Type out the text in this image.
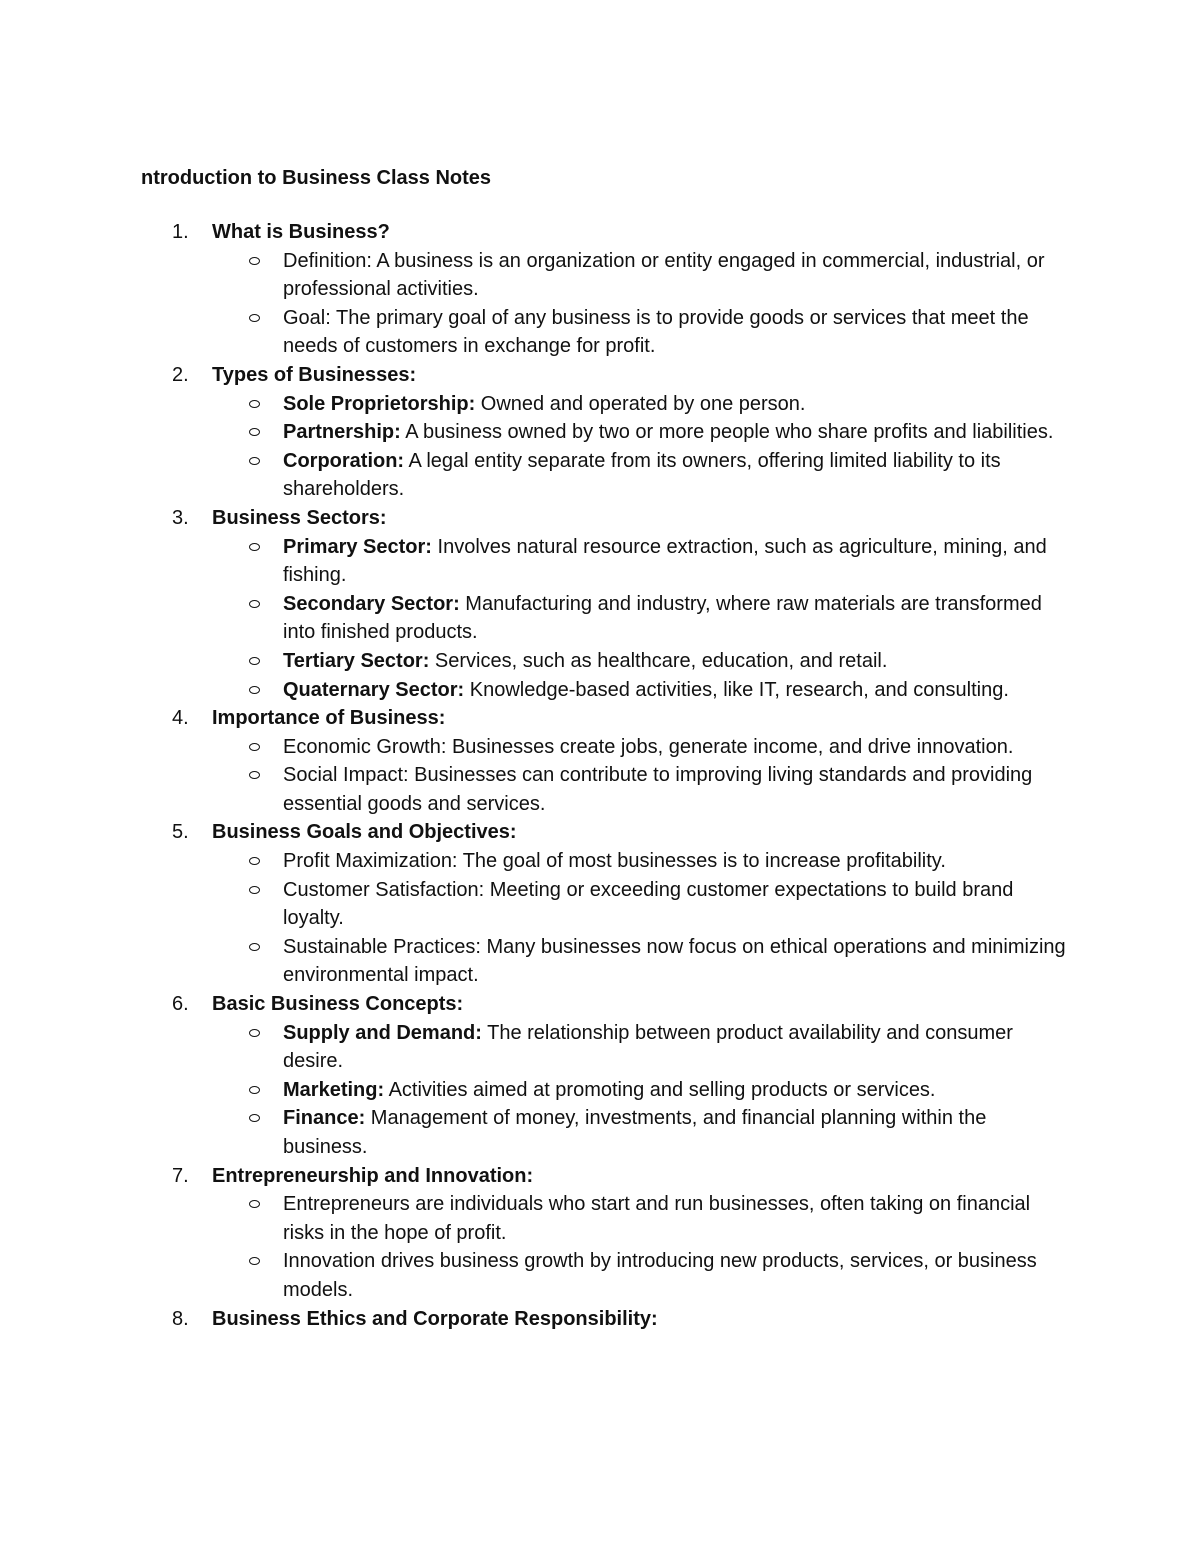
ntroduction to Business Class Notes
1.	What is Business?
Definition: A business is an organization or entity engaged in commercial, industrial, or professional activities.
Goal: The primary goal of any business is to provide goods or services that meet the needs of customers in exchange for profit.
2.	Types of Businesses:
Sole Proprietorship: Owned and operated by one person.
Partnership: A business owned by two or more people who share profits and liabilities.
Corporation: A legal entity separate from its owners, offering limited liability to its shareholders.
3.	Business Sectors:
Primary Sector: Involves natural resource extraction, such as agriculture, mining, and fishing.
Secondary Sector: Manufacturing and industry, where raw materials are transformed into finished products.
Tertiary Sector: Services, such as healthcare, education, and retail.
Quaternary Sector: Knowledge-based activities, like IT, research, and consulting.
4.	Importance of Business:
Economic Growth: Businesses create jobs, generate income, and drive innovation.
Social Impact: Businesses can contribute to improving living standards and providing essential goods and services.
5.	Business Goals and Objectives:
Profit Maximization: The goal of most businesses is to increase profitability.
Customer Satisfaction: Meeting or exceeding customer expectations to build brand loyalty.
Sustainable Practices: Many businesses now focus on ethical operations and minimizing environmental impact.
6.	Basic Business Concepts:
Supply and Demand: The relationship between product availability and consumer desire.
Marketing: Activities aimed at promoting and selling products or services.
Finance: Management of money, investments, and financial planning within the business.
7.	Entrepreneurship and Innovation:
Entrepreneurs are individuals who start and run businesses, often taking on financial risks in the hope of profit.
Innovation drives business growth by introducing new products, services, or business models.
8.	Business Ethics and Corporate Responsibility:
